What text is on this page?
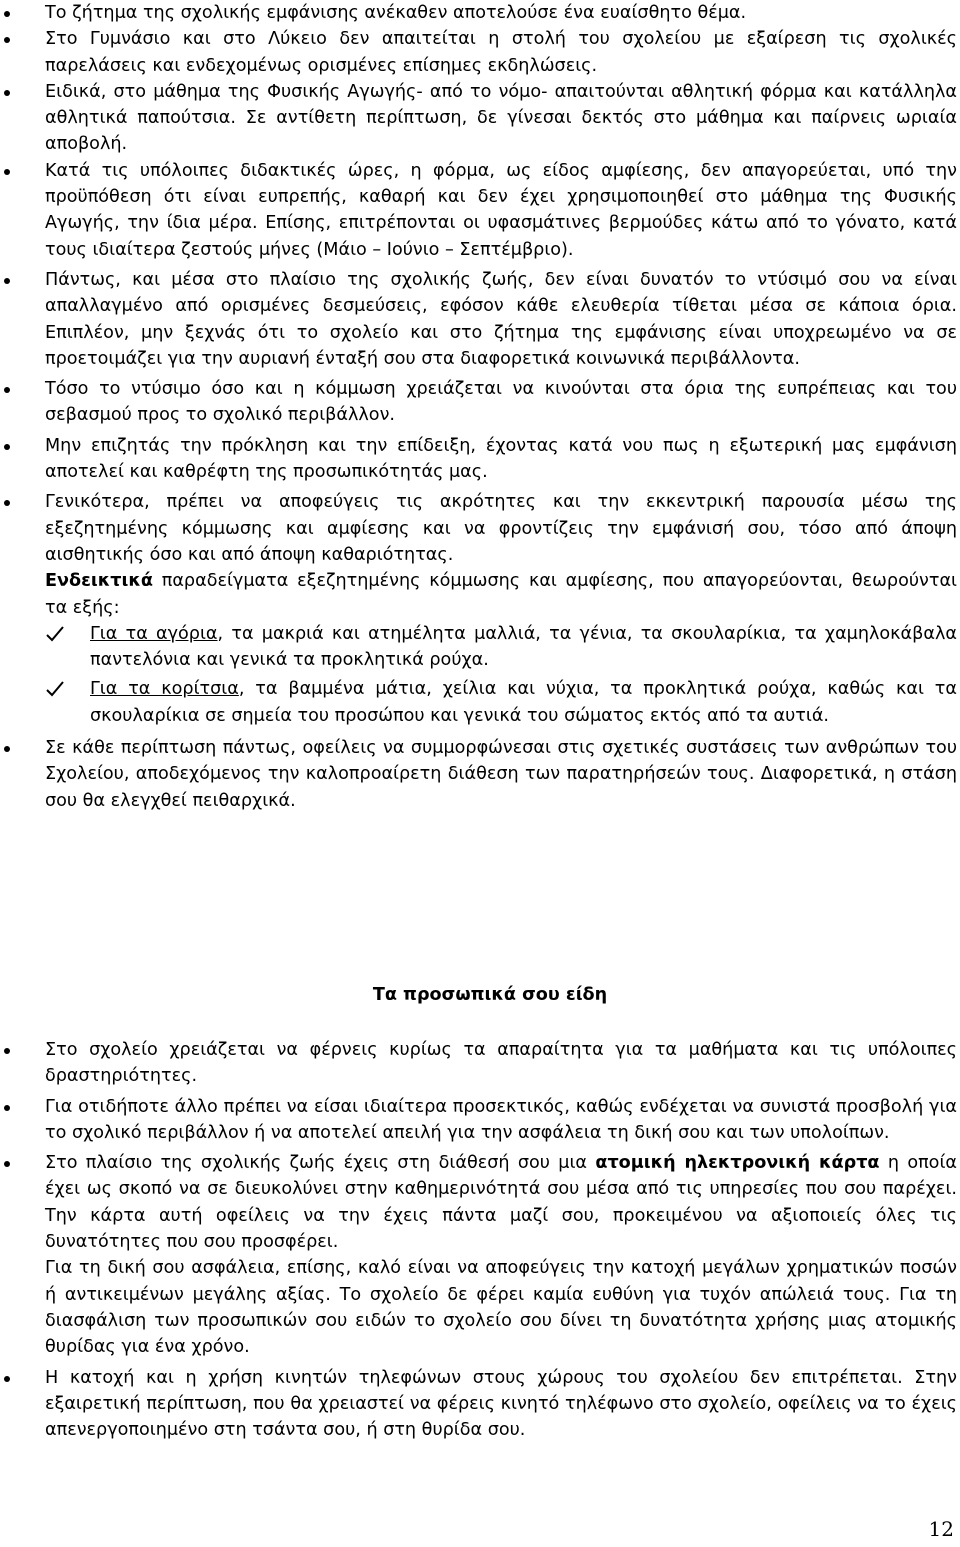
Το ζήτημα της σχολικής εμφάνισης ανέκαθεν αποτελούσε ένα ευαίσθητο θέμα.

Στο Γυμνάσιο και στο Λύκειο δεν απαιτείται η στολή του σχολείου με εξαίρεση τις σχολικές παρελάσεις και ενδεχομένως ορισμένες επίσημες εκδηλώσεις.

Ειδικά, στο μάθημα της Φυσικής Αγωγής- από το νόμο- απαιτούνται αθλητική φόρμα και κατάλληλα αθλητικά παπούτσια. Σε αντίθετη περίπτωση, δε γίνεσαι δεκτός στο μάθημα και παίρνεις ωριαία αποβολή.

Κατά τις υπόλοιπες διδακτικές ώρες, η φόρμα, ως είδος αμφίεσης, δεν απαγορεύεται, υπό την προϋπόθεση ότι είναι ευπρεπής, καθαρή και δεν έχει χρησιμοποιηθεί στο μάθημα της Φυσικής Αγωγής, την ίδια μέρα. Επίσης, επιτρέπονται οι υφασμάτινες βερμούδες κάτω από το γόνατο, κατά τους ιδιαίτερα ζεστούς μήνες (Μάιο – Ιούνιο – Σεπτέμβριο).

Πάντως, και μέσα στο πλαίσιο της σχολικής ζωής, δεν είναι δυνατόν το ντύσιμό σου να είναι απαλλαγμένο από ορισμένες δεσμεύσεις, εφόσον κάθε ελευθερία τίθεται μέσα σε κάποια όρια. Επιπλέον, μην ξεχνάς ότι το σχολείο και στο ζήτημα της εμφάνισης είναι υποχρεωμένο να σε προετοιμάζει για την αυριανή ένταξή σου στα διαφορετικά κοινωνικά περιβάλλοντα.

Τόσο το ντύσιμο όσο και η κόμμωση χρειάζεται να κινούνται στα όρια της ευπρέπειας και του σεβασμού προς το σχολικό περιβάλλον.

Μην επιζητάς την πρόκληση και την επίδειξη, έχοντας κατά νου πως η εξωτερική μας εμφάνιση αποτελεί και καθρέφτη της προσωπικότητάς μας.

Γενικότερα, πρέπει να αποφεύγεις τις ακρότητες και την εκκεντρική παρουσία μέσω της εξεζητημένης κόμμωσης και αμφίεσης και να φροντίζεις την εμφάνισή σου, τόσο από άποψη αισθητικής όσο και από άποψη καθαριότητας.

Ενδεικτικά παραδείγματα εξεζητημένης κόμμωσης και αμφίεσης, που απαγορεύονται, θεωρούνται τα εξής:

Για τα αγόρια, τα μακριά και ατημέλητα μαλλιά, τα γένια, τα σκουλαρίκια, τα χαμηλοκάβαλα παντελόνια και γενικά τα προκλητικά ρούχα.
Για τα κορίτσια, τα βαμμένα μάτια, χείλια και νύχια, τα προκλητικά ρούχα, καθώς και τα σκουλαρίκια σε σημεία του προσώπου και γενικά του σώματος εκτός από τα αυτιά.

Σε κάθε περίπτωση πάντως, οφείλεις να συμμορφώνεσαι στις σχετικές συστάσεις των ανθρώπων του Σχολείου, αποδεχόμενος την καλοπροαίρετη διάθεση των παρατηρήσεών τους. Διαφορετικά, η στάση σου θα ελεγχθεί πειθαρχικά.

Τα προσωπικά σου είδη

Στο σχολείο χρειάζεται να φέρνεις κυρίως τα απαραίτητα για τα μαθήματα και τις υπόλοιπες δραστηριότητες.

Για οτιδήποτε άλλο πρέπει να είσαι ιδιαίτερα προσεκτικός, καθώς ενδέχεται να συνιστά προσβολή για το σχολικό περιβάλλον ή να αποτελεί απειλή για την ασφάλεια τη δική σου και των υπολοίπων.

Στο πλαίσιο της σχολικής ζωής έχεις στη διάθεσή σου μια ατομική ηλεκτρονική κάρτα η οποία έχει ως σκοπό να σε διευκολύνει στην καθημερινότητά σου μέσα από τις υπηρεσίες που σου παρέχει. Την κάρτα αυτή οφείλεις να την έχεις πάντα μαζί σου, προκειμένου να αξιοποιείς όλες τις δυνατότητες που σου προσφέρει.

Για τη δική σου ασφάλεια, επίσης, καλό είναι να αποφεύγεις την κατοχή μεγάλων χρηματικών ποσών ή αντικειμένων μεγάλης αξίας. Το σχολείο δε φέρει καμία ευθύνη για τυχόν απώλειά τους. Για τη διασφάλιση των προσωπικών σου ειδών το σχολείο σου δίνει τη δυνατότητα χρήσης μιας ατομικής θυρίδας για ένα χρόνο.

Η κατοχή και η χρήση κινητών τηλεφώνων στους χώρους του σχολείου δεν επιτρέπεται. Στην εξαιρετική περίπτωση, που θα χρειαστεί να φέρεις κινητό τηλέφωνο στο σχολείο, οφείλεις να το έχεις απενεργοποιημένο στη τσάντα σου, ή στη θυρίδα σου.

12
